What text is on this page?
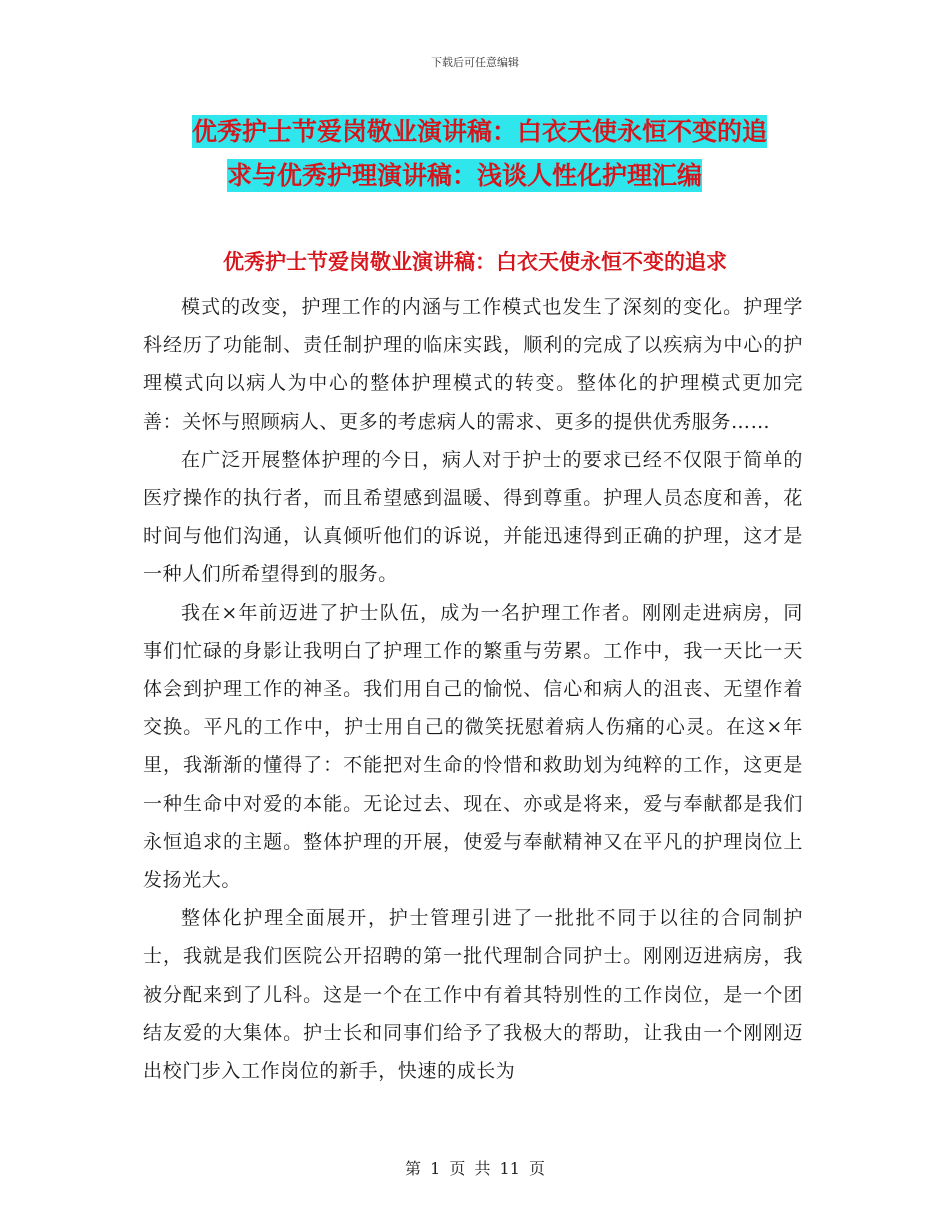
下载后可任意编辑
优秀护士节爱岗敬业演讲稿：白衣天使永恒不变的追
求与优秀护理演讲稿：浅谈人性化护理汇编
优秀护士节爱岗敬业演讲稿：白衣天使永恒不变的追求

模式的改变，护理工作的内涵与工作模式也发生了深刻的变化。护理学科经历了功能制、责任制护理的临床实践，顺利的完成了以疾病为中心的护理模式向以病人为中心的整体护理模式的转变。整体化的护理模式更加完善：关怀与照顾病人、更多的考虑病人的需求、更多的提供优秀服务……

在广泛开展整体护理的今日，病人对于护士的要求已经不仅限于简单的医疗操作的执行者，而且希望感到温暖、得到尊重。护理人员态度和善，花时间与他们沟通，认真倾听他们的诉说，并能迅速得到正确的护理，这才是一种人们所希望得到的服务。

我在×年前迈进了护士队伍，成为一名护理工作者。刚刚走进病房，同事们忙碌的身影让我明白了护理工作的繁重与劳累。工作中，我一天比一天体会到护理工作的神圣。我们用自己的愉悦、信心和病人的沮丧、无望作着交换。平凡的工作中，护士用自己的微笑抚慰着病人伤痛的心灵。在这×年里，我渐渐的懂得了：不能把对生命的怜惜和救助划为纯粹的工作，这更是一种生命中对爱的本能。无论过去、现在、亦或是将来，爱与奉献都是我们永恒追求的主题。整体护理的开展，使爱与奉献精神又在平凡的护理岗位上发扬光大。

整体化护理全面展开，护士管理引进了一批批不同于以往的合同制护士，我就是我们医院公开招聘的第一批代理制合同护士。刚刚迈进病房，我被分配来到了儿科。这是一个在工作中有着其特别性的工作岗位，是一个团结友爱的大集体。护士长和同事们给予了我极大的帮助，让我由一个刚刚迈出校门步入工作岗位的新手，快速的成长为

第 1 页 共 11 页
